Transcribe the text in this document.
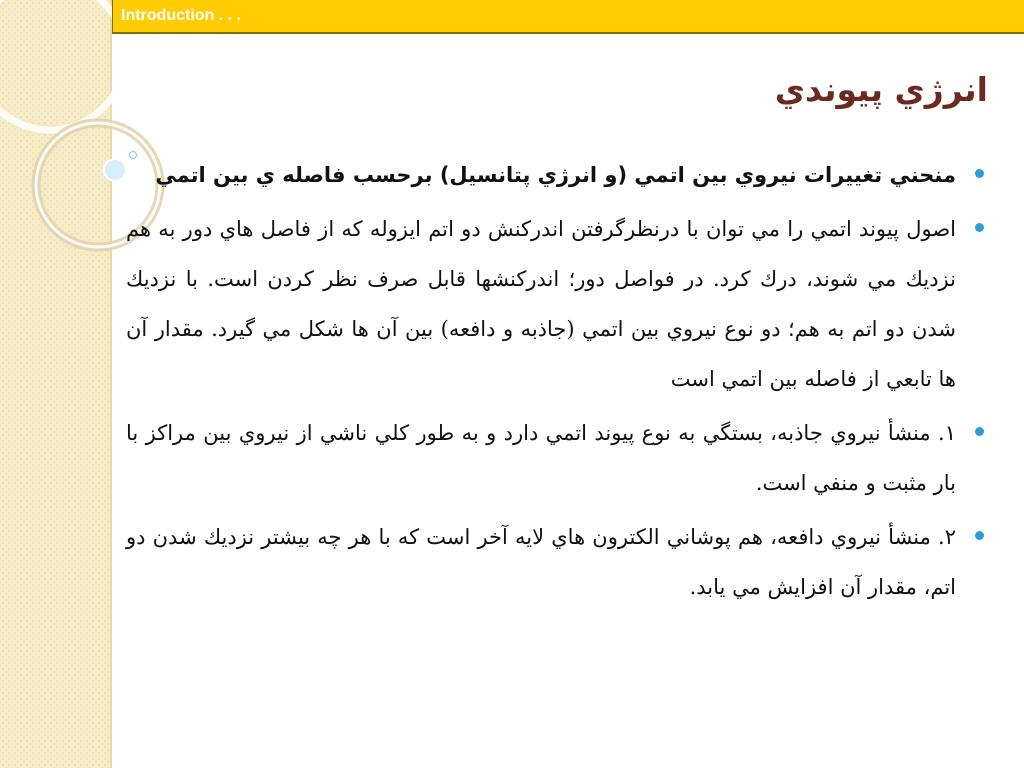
Introduction . . .
انرژي پيوندي
منحني تغييرات نيروي بين اتمي (و انرژي پتانسيل) برحسب فاصله ي بين اتمي
اصول پيوند اتمي را مي توان با درنظرگرفتن اندركنش دو اتم ايزوله كه از فاصل هاي دور به هم نزديك مي شوند، درك كرد. در فواصل دور؛ اندركنشها قابل صرف نظر كردن است. با نزديك شدن دو اتم به هم؛ دو نوع نيروي بين اتمي (جاذبه و دافعه) بين آن ها شكل مي گيرد. مقدار آن ها تابعي از فاصله بين اتمي است
١. منشأ نيروي جاذبه، بستگي به نوع پيوند اتمي دارد و به طور كلي ناشي از نيروي بين مراكز با بار مثبت و منفي است.
٢. منشأ نيروي دافعه، هم پوشاني الكترون هاي لايه آخر است كه با هر چه بيشتر نزديك شدن دو اتم، مقدار آن افزايش مي يابد.
